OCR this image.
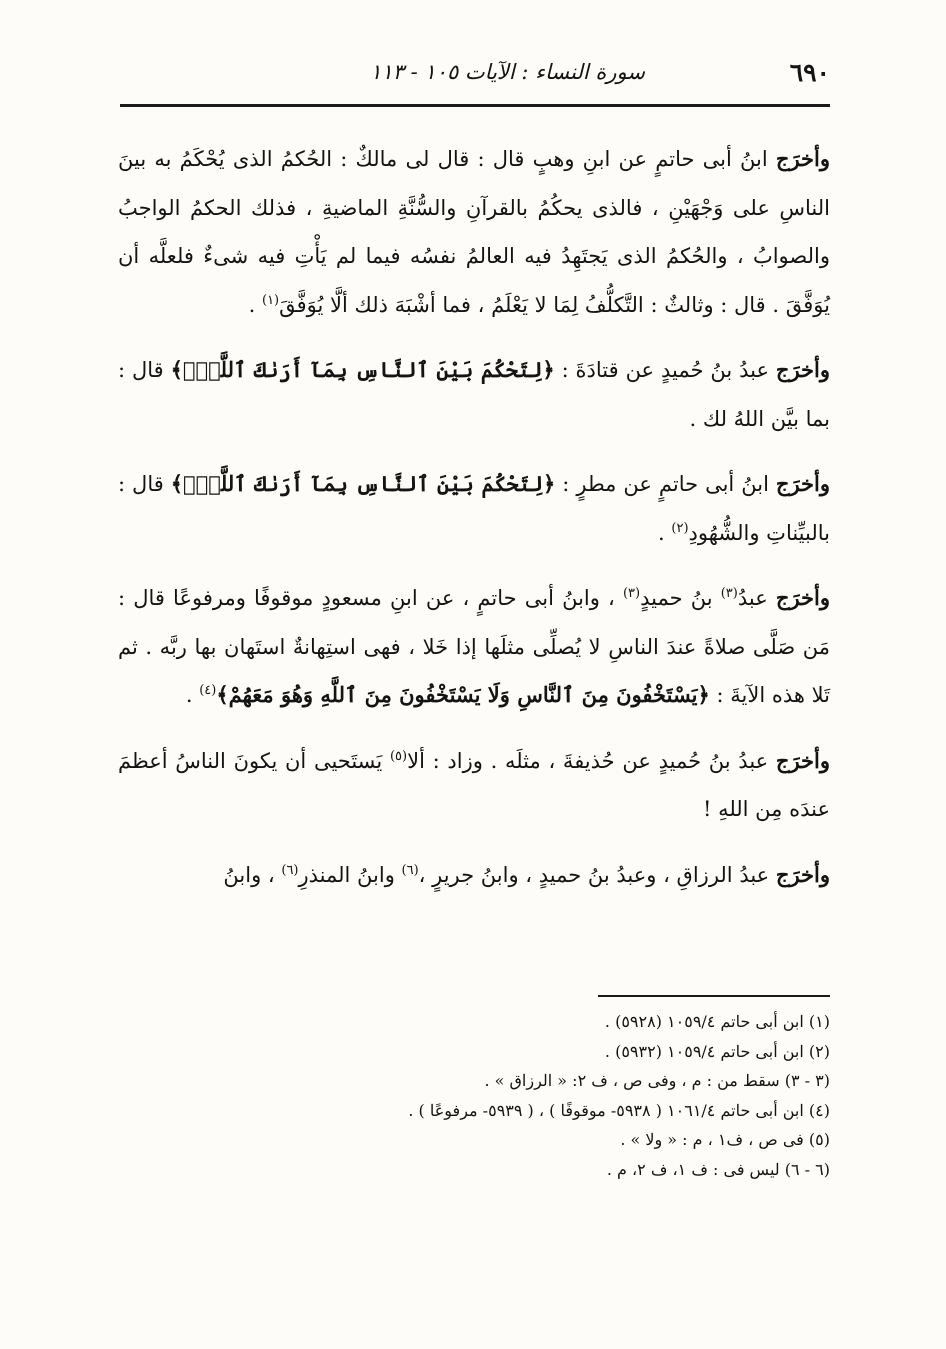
٦٩٠
سورة النساء : الآيات ١٠٥ - ١١٣

وأخرَج ابنُ أبى حاتمٍ عن ابنِ وهبٍ قال : قال لى مالكٌ : الحُكمُ الذى يُحْكَمُ به بينَ الناسِ على وَجْهَيْنِ ، فالذى يحكُمُ بالقرآنِ والسُّنَّةِ الماضيةِ ، فذلك الحكمُ الواجبُ والصوابُ ، والحُكمُ الذى يَجتَهِدُ فيه العالمُ نفسُه فيما لم يَأْتِ فيه شىءٌ فلعلَّه أن يُوَفَّقَ . قال : وثالثٌ : التَّكلُّفُ لِمَا لا يَعْلَمُ ، فما أشْبَهَ ذلك ألَّا يُوَفَّقَ$^{(١)}$ .

وأخرَج عبدُ بنُ حُميدٍ عن قتادَةَ : ﴿لِتَحْكُمَ بَيْنَ ٱلنَّاسِ بِمَآ أَرَىٰكَ ٱللَّهُۚ﴾ قال : بما بيَّن اللهُ لك .

وأخرَج ابنُ أبى حاتمٍ عن مطرٍ : ﴿لِتَحْكُمَ بَيْنَ ٱلنَّاسِ بِمَآ أَرَىٰكَ ٱللَّهُۚ﴾ قال : بالبيِّناتِ والشُّهُودِ$^{(٢)}$ .

وأخرَج عبدُ$^{(٣)}$ بنُ حميدٍ$^{(٣)}$ ، وابنُ أبى حاتمٍ ، عن ابنِ مسعودٍ موقوفًا ومرفوعًا قال : مَن صَلَّى صلاةً عندَ الناسِ لا يُصلِّى مثلَها إذا خَلا ، فهى استِهانةٌ استَهان بها ربَّه . ثم تَلا هذه الآيةَ : ﴿يَسْتَخْفُونَ مِنَ ٱلنَّاسِ وَلَا يَسْتَخْفُونَ مِنَ ٱللَّهِ وَهُوَ مَعَهُمْ﴾$^{(٤)}$ .

وأخرَج عبدُ بنُ حُميدٍ عن حُذيفةَ ، مثلَه . وزاد : ألا$^{(٥)}$ يَستَحيى أن يكونَ الناسُ أعظمَ عندَه مِن اللهِ !

وأخرَج عبدُ الرزاقِ ، وعبدُ بنُ حميدٍ ، وابنُ جريرٍ ،$^{(٦)}$ وابنُ المنذرِ$^{(٦)}$ ، وابنُ

(١) ابن أبى حاتم ١٠٥٩/٤ (٥٩٢٨) .

(٢) ابن أبى حاتم ١٠٥٩/٤ (٥٩٣٢) .

(٣ - ٣) سقط من : م ، وفى ص ، ف ٢: « الرزاق » .

(٤) ابن أبى حاتم ١٠٦١/٤ ( ٥٩٣٨- موقوفًا ) ، ( ٥٩٣٩- مرفوعًا ) .

(٥) فى ص ، ف١ ، م : « ولا » .

(٦ - ٦) ليس فى : ف ١، ف ٢، م .
